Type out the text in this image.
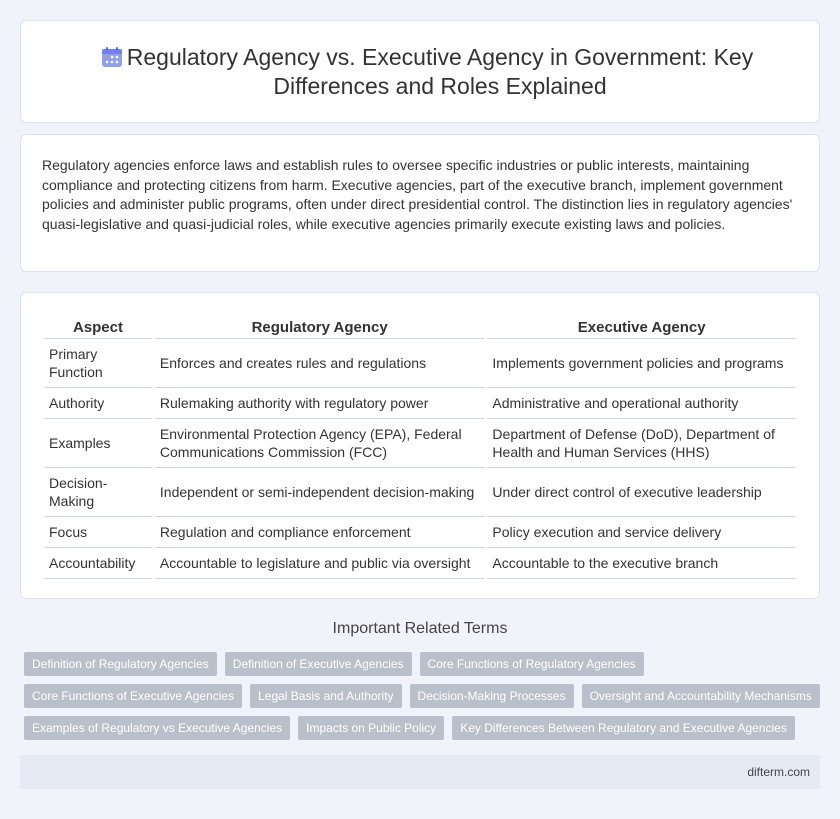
Regulatory Agency vs. Executive Agency in Government: Key Differences and Roles Explained

Regulatory agencies enforce laws and establish rules to oversee specific industries or public interests, maintaining compliance and protecting citizens from harm. Executive agencies, part of the executive branch, implement government policies and administer public programs, often under direct presidential control. The distinction lies in regulatory agencies' quasi-legislative and quasi-judicial roles, while executive agencies primarily execute existing laws and policies.

Aspect	Regulatory Agency	Executive Agency
Primary Function	Enforces and creates rules and regulations	Implements government policies and programs
Authority	Rulemaking authority with regulatory power	Administrative and operational authority
Examples	Environmental Protection Agency (EPA), Federal Communications Commission (FCC)	Department of Defense (DoD), Department of Health and Human Services (HHS)
Decision-Making	Independent or semi-independent decision-making	Under direct control of executive leadership
Focus	Regulation and compliance enforcement	Policy execution and service delivery
Accountability	Accountable to legislature and public via oversight	Accountable to the executive branch
Important Related Terms
Definition of Regulatory Agencies	Definition of Executive Agencies	Core Functions of Regulatory Agencies
Core Functions of Executive Agencies	Legal Basis and Authority	Decision-Making Processes	Oversight and Accountability Mechanisms
Examples of Regulatory vs Executive Agencies	Impacts on Public Policy	Key Differences Between Regulatory and Executive Agencies
difterm.com
